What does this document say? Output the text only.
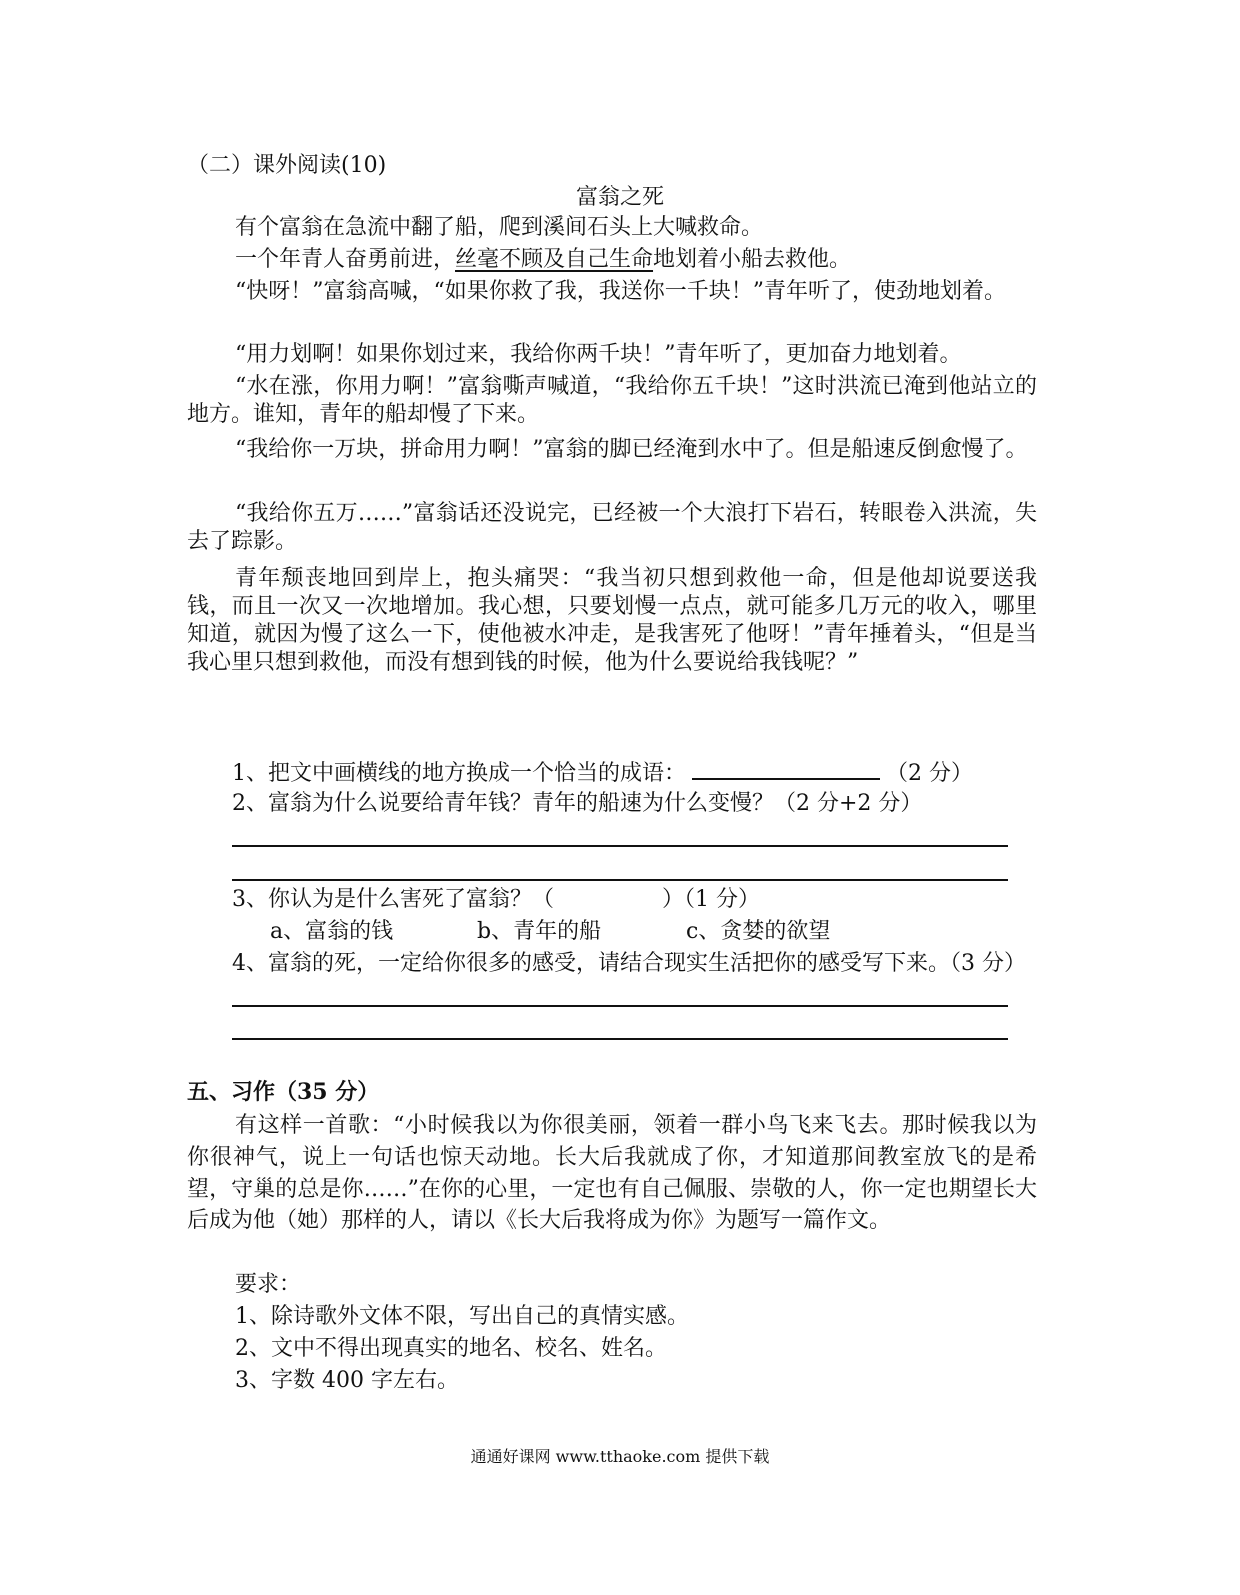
（二）课外阅读(10)
富翁之死
有个富翁在急流中翻了船，爬到溪间石头上大喊救命。
一个年青人奋勇前进，丝毫不顾及自己生命地划着小船去救他。
“快呀！”富翁高喊，“如果你救了我，我送你一千块！”青年听了，使劲地划着。
“用力划啊！如果你划过来，我给你两千块！”青年听了，更加奋力地划着。
“水在涨，你用力啊！”富翁嘶声喊道，“我给你五千块！”这时洪流已淹到他站立的地方。谁知，青年的船却慢了下来。
“我给你一万块，拼命用力啊！”富翁的脚已经淹到水中了。但是船速反倒愈慢了。
“我给你五万……”富翁话还没说完，已经被一个大浪打下岩石，转眼卷入洪流，失去了踪影。
青年颓丧地回到岸上，抱头痛哭：“我当初只想到救他一命，但是他却说要送我钱，而且一次又一次地增加。我心想，只要划慢一点点，就可能多几万元的收入，哪里知道，就因为慢了这么一下，使他被水冲走，是我害死了他呀！”青年捶着头，“但是当我心里只想到救他，而没有想到钱的时候，他为什么要说给我钱呢？”
1、把文中画横线的地方换成一个恰当的成语：	（2 分）
2、富翁为什么说要给青年钱？青年的船速为什么变慢？（2 分+2 分）
3、你认为是什么害死了富翁？（	）（1 分）
a、富翁的钱	b、青年的船	c、贪婪的欲望
4、富翁的死，一定给你很多的感受，请结合现实生活把你的感受写下来。（3 分）
五、习作（35 分）
有这样一首歌：“小时候我以为你很美丽，领着一群小鸟飞来飞去。那时候我以为你很神气，说上一句话也惊天动地。长大后我就成了你，才知道那间教室放飞的是希望，守巢的总是你……”在你的心里，一定也有自己佩服、崇敬的人，你一定也期望长大后成为他（她）那样的人，请以《长大后我将成为你》为题写一篇作文。
要求：
1、除诗歌外文体不限，写出自己的真情实感。
2、文中不得出现真实的地名、校名、姓名。
3、字数 400 字左右。
通通好课网 www.tthaoke.com 提供下载
